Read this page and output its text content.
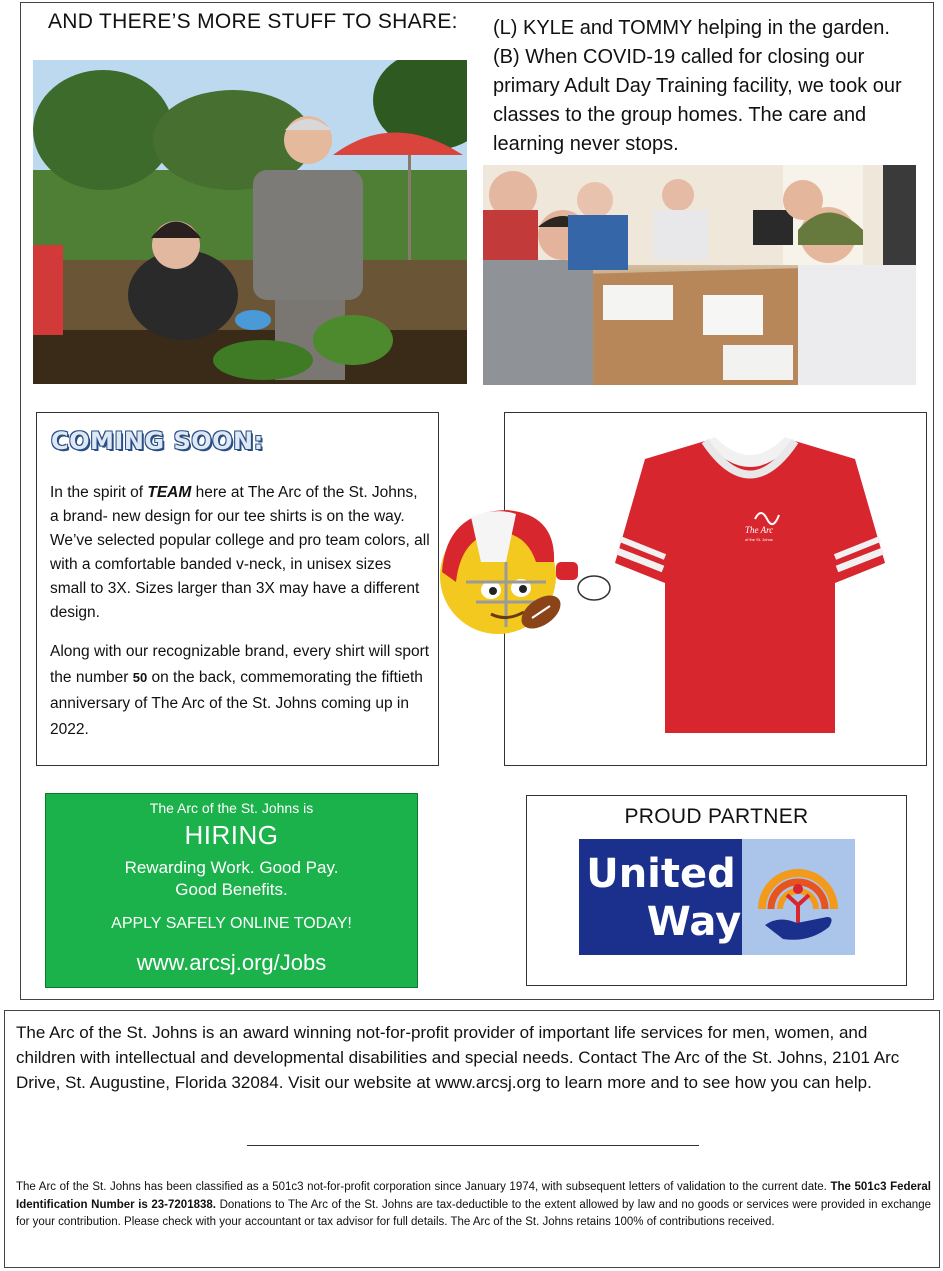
AND THERE’S MORE STUFF TO SHARE: (L) KYLE and TOMMY helping in the garden. (B) When COVID-19 called for closing our primary Adult Day Training facility, we took our classes to the group homes. The care and learning never stops.
COMING SOON:

In the spirit of TEAM here at The Arc of the St. Johns, a brand- new design for our tee shirts is on the way. We’ve selected popular college and pro team colors, all with a comfortable banded v-neck, in unisex sizes small to 3X. Sizes larger than 3X may have a different design.

Along with our recognizable brand, every shirt will sport the number 50 on the back, commemorating the fiftieth anniversary of The Arc of the St. Johns coming up in 2022.

The Arc
of the St. Johns
The Arc of the St. Johns is
HIRING
Rewarding Work. Good Pay.
Good Benefits.
APPLY SAFELY ONLINE TODAY!
www.arcsj.org/Jobs
PROUD PARTNER
United
Way

The Arc of the St. Johns is an award winning not-for-profit provider of important life services for men, women, and children with intellectual and developmental disabilities and special needs. Contact The Arc of the St. Johns, 2101 Arc Drive, St. Augustine, Florida 32084. Visit our website at www.arcsj.org to learn more and to see how you can help.

The Arc of the St. Johns has been classified as a 501c3 not-for-profit corporation since January 1974, with subsequent letters of validation to the current date. The 501c3 Federal Identification Number is 23-7201838. Donations to The Arc of the St. Johns are tax-deductible to the extent allowed by law and no goods or services were provided in exchange for your contribution. Please check with your accountant or tax advisor for full details. The Arc of the St. Johns retains 100% of contributions received.
